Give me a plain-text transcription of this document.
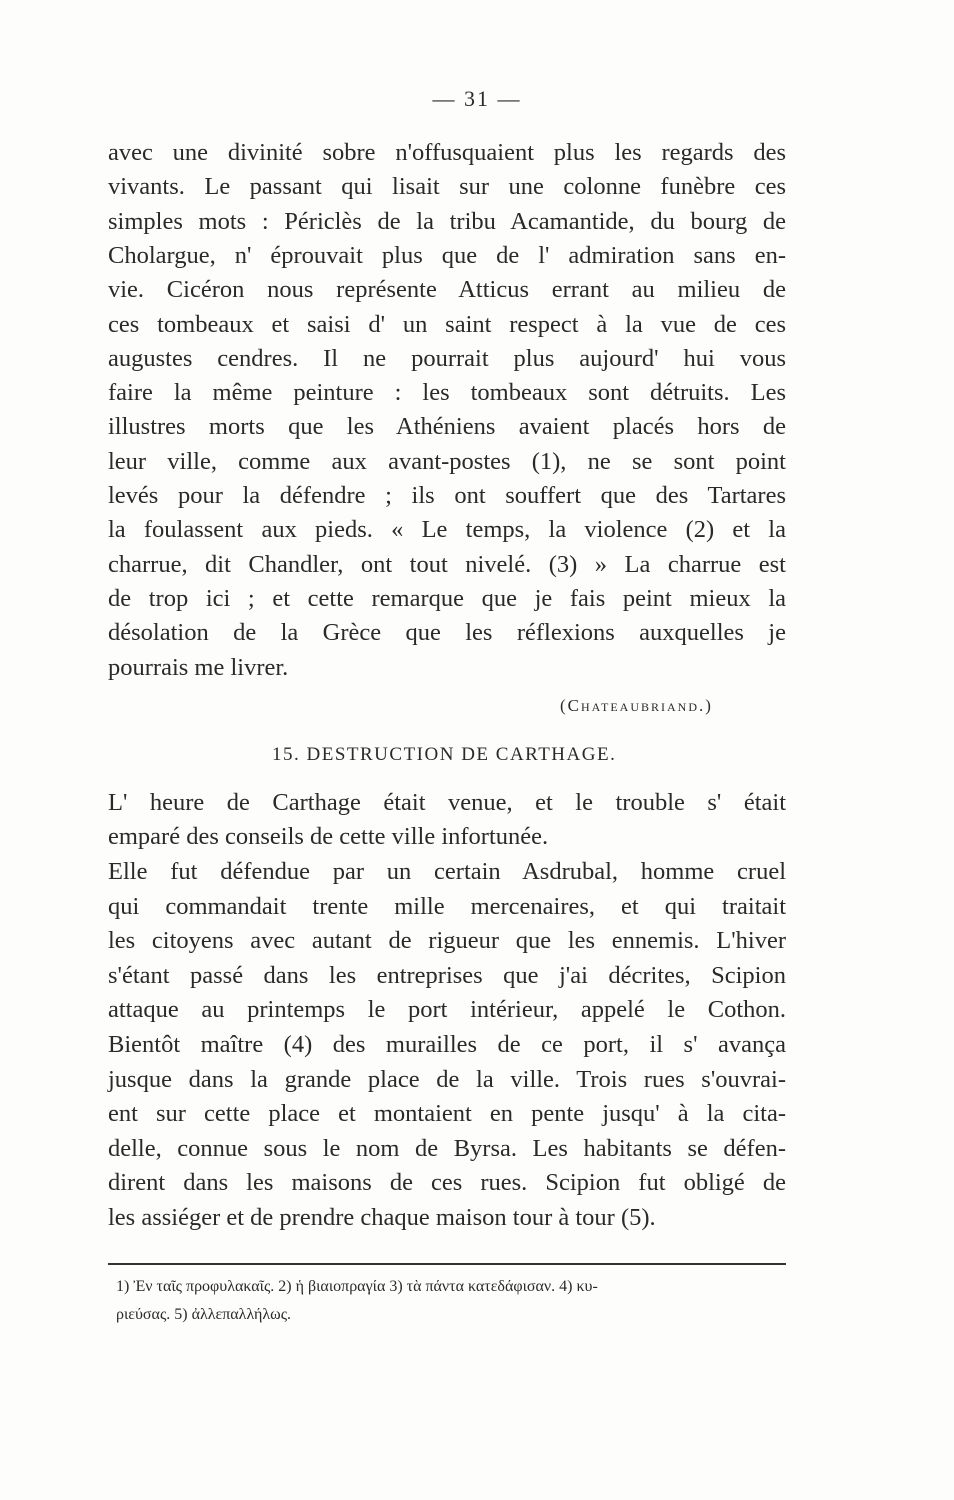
— 31 —
avec une divinité sobre n'offusquaient plus les regards des
vivants. Le passant qui lisait sur une colonne funèbre ces
simples mots : Périclès de la tribu Acamantide, du bourg de
Cholargue, n' éprouvait plus que de l' admiration sans en-
vie. Cicéron nous représente Atticus errant au milieu de
ces tombeaux et saisi d' un saint respect à la vue de ces
augustes cendres. Il ne pourrait plus aujourd' hui vous
faire la même peinture : les tombeaux sont détruits. Les
illustres morts que les Athéniens avaient placés hors de
leur ville, comme aux avant-postes (1), ne se sont point
levés pour la défendre ; ils ont souffert que des Tartares
la foulassent aux pieds. « Le temps, la violence (2) et la
charrue, dit Chandler, ont tout nivelé. (3) » La charrue est
de trop ici ; et cette remarque que je fais peint mieux la
désolation de la Grèce que les réflexions auxquelles je
pourrais me livrer.
(Chateaubriand.)
15. DESTRUCTION DE CARTHAGE.
L' heure de Carthage était venue, et le trouble s' était
emparé des conseils de cette ville infortunée.
Elle fut défendue par un certain Asdrubal, homme cruel
qui commandait trente mille mercenaires, et qui traitait
les citoyens avec autant de rigueur que les ennemis. L'hiver
s'étant passé dans les entreprises que j'ai décrites, Scipion
attaque au printemps le port intérieur, appelé le Cothon.
Bientôt maître (4) des murailles de ce port, il s' avança
jusque dans la grande place de la ville. Trois rues s'ouvrai-
ent sur cette place et montaient en pente jusqu' à la cita-
delle, connue sous le nom de Byrsa. Les habitants se défen-
dirent dans les maisons de ces rues. Scipion fut obligé de
les assiéger et de prendre chaque maison tour à tour (5).
1) Ἐν ταῖς προφυλακαῖς. 2) ἡ βιαιοπραγία 3) τὰ πάντα κατεδάφισαν. 4) κυ-
ριεύσας. 5) ἀλλεπαλλήλως.
